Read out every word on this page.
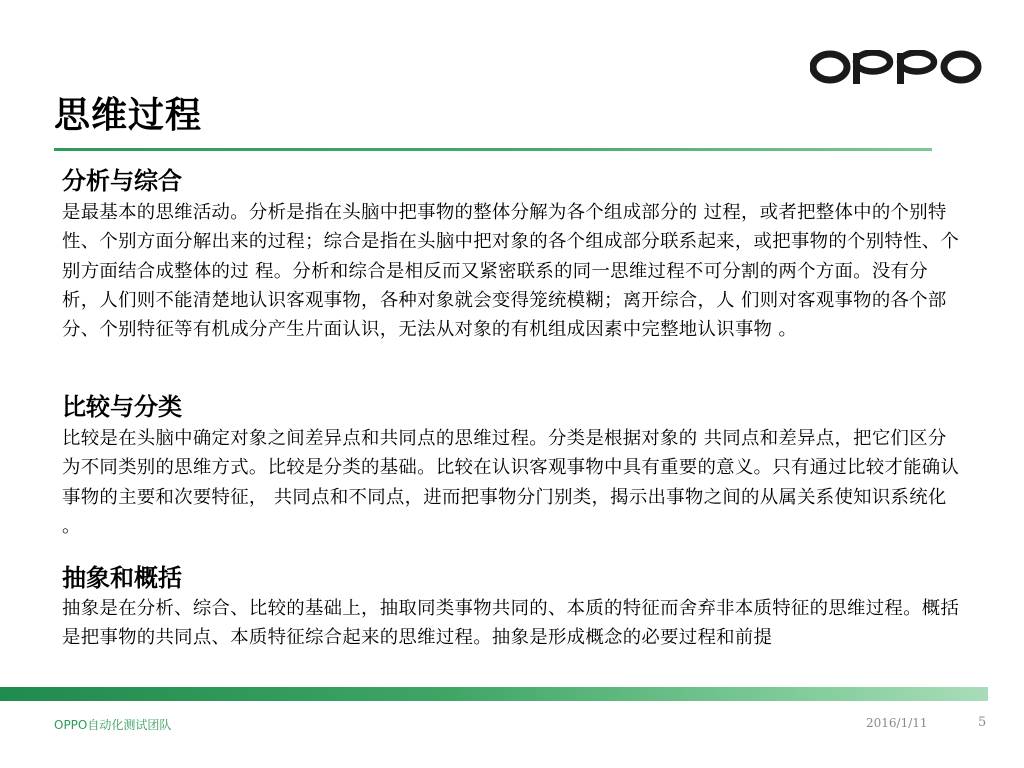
思维过程
分析与综合
是最基本的思维活动。分析是指在头脑中把事物的整体分解为各个组成部分的 过程，或者把整体中的个别特性、个别方面分解出来的过程；综合是指在头脑中把对象的各个组成部分联系起来，或把事物的个别特性、个别方面结合成整体的过 程。分析和综合是相反而又紧密联系的同一思维过程不可分割的两个方面。没有分析，人们则不能清楚地认识客观事物，各种对象就会变得笼统模糊；离开综合，人 们则对客观事物的各个部分、个别特征等有机成分产生片面认识，无法从对象的有机组成因素中完整地认识事物 。
比较与分类
比较是在头脑中确定对象之间差异点和共同点的思维过程。分类是根据对象的 共同点和差异点，把它们区分为不同类别的思维方式。比较是分类的基础。比较在认识客观事物中具有重要的意义。只有通过比较才能确认事物的主要和次要特征， 共同点和不同点，进而把事物分门别类，揭示出事物之间的从属关系使知识系统化 。
抽象和概括
抽象是在分析、综合、比较的基础上，抽取同类事物共同的、本质的特征而舍弃非本质特征的思维过程。概括是把事物的共同点、本质特征综合起来的思维过程。抽象是形成概念的必要过程和前提
OPPO自动化测试团队	2016/1/11	5
